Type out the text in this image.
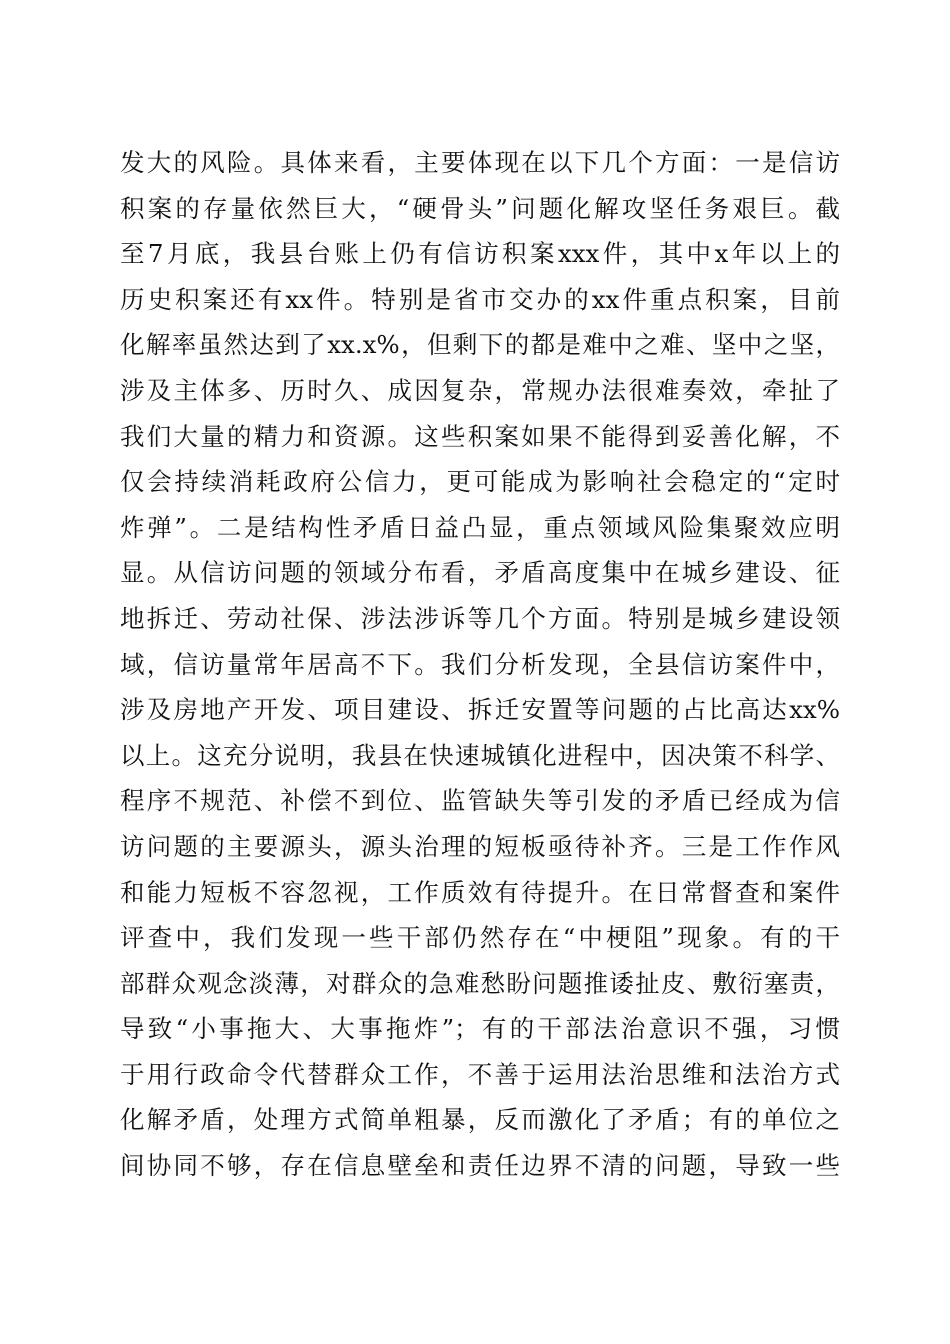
发大的风险。具体来看，主要体现在以下几个方面：一是信访
积案的存量依然巨大，“硬骨头”问题化解攻坚任务艰巨。截
至7月底，我县台账上仍有信访积案xxx件，其中x年以上的
历史积案还有xx件。特别是省市交办的xx件重点积案，目前
化解率虽然达到了xx.x%，但剩下的都是难中之难、坚中之坚，
涉及主体多、历时久、成因复杂，常规办法很难奏效，牵扯了
我们大量的精力和资源。这些积案如果不能得到妥善化解，不
仅会持续消耗政府公信力，更可能成为影响社会稳定的“定时
炸弹”。二是结构性矛盾日益凸显，重点领域风险集聚效应明
显。从信访问题的领域分布看，矛盾高度集中在城乡建设、征
地拆迁、劳动社保、涉法涉诉等几个方面。特别是城乡建设领
域，信访量常年居高不下。我们分析发现，全县信访案件中，
涉及房地产开发、项目建设、拆迁安置等问题的占比高达xx%
以上。这充分说明，我县在快速城镇化进程中，因决策不科学、
程序不规范、补偿不到位、监管缺失等引发的矛盾已经成为信
访问题的主要源头，源头治理的短板亟待补齐。三是工作作风
和能力短板不容忽视，工作质效有待提升。在日常督查和案件
评查中，我们发现一些干部仍然存在“中梗阻”现象。有的干
部群众观念淡薄，对群众的急难愁盼问题推诿扯皮、敷衍塞责，
导致“小事拖大、大事拖炸”；有的干部法治意识不强，习惯
于用行政命令代替群众工作，不善于运用法治思维和法治方式
化解矛盾，处理方式简单粗暴，反而激化了矛盾；有的单位之
间协同不够，存在信息壁垒和责任边界不清的问题，导致一些
